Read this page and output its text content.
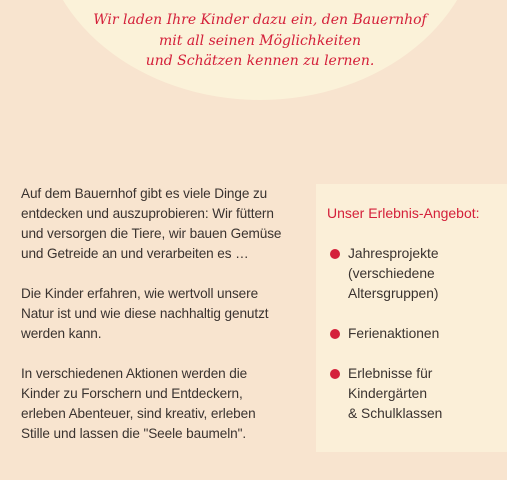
Wir laden Ihre Kinder dazu ein, den Bauernhof
mit all seinen Möglichkeiten
und Schätzen kennen zu lernen.

Auf dem Bauernhof gibt es viele Dinge zu
entdecken und auszuprobieren: Wir füttern
und versorgen die Tiere, wir bauen Gemüse
und Getreide an und verarbeiten es …

Die Kinder erfahren, wie wertvoll unsere
Natur ist und wie diese nachhaltig genutzt
werden kann.

In verschiedenen Aktionen werden die
Kinder zu Forschern und Entdeckern,
erleben Abenteuer, sind kreativ, erleben
Stille und lassen die "Seele baumeln".

Unser Erlebnis-Angebot:
Jahresprojekte
(verschiedene
Altersgruppen)
Ferienaktionen
Erlebnisse für
Kindergärten
& Schulklassen
